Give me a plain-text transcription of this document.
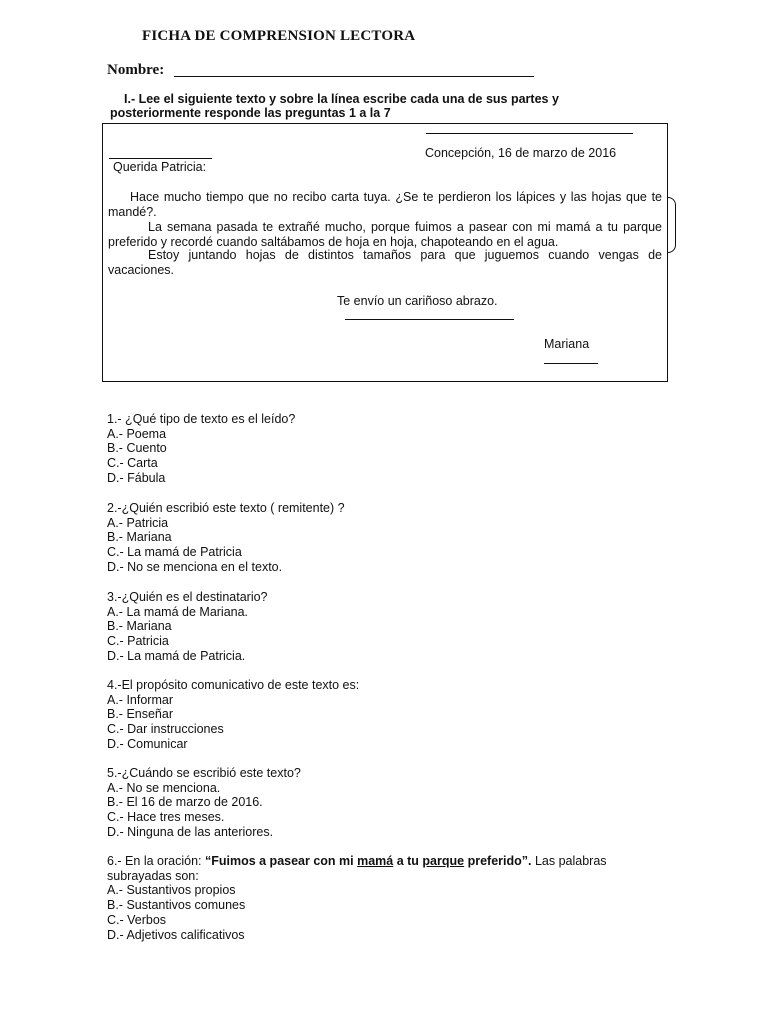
FICHA DE COMPRENSION LECTORA
Nombre:
I.- Lee el siguiente texto y sobre la línea escribe cada una de sus partes y
posteriormente responde las preguntas 1 a la 7
Concepción, 16 de marzo de 2016
Querida Patricia:
Hace mucho tiempo que no recibo carta tuya. ¿Se te perdieron los lápices y las hojas que te mandé?.
La semana pasada te extrañé mucho, porque fuimos a pasear con mi mamá a tu parque preferido y recordé cuando saltábamos de hoja en hoja, chapoteando en el agua.
Estoy juntando hojas de distintos tamaños para que juguemos cuando vengas de vacaciones.
Te envío un cariñoso abrazo.
Mariana
1.- ¿Qué tipo de texto es el leído?
A.- Poema
B.- Cuento
C.- Carta
D.- Fábula
2.-¿Quién escribió este texto ( remitente) ?
A.- Patricia
B.- Mariana
C.- La mamá de Patricia
D.- No se menciona en el texto.
3.-¿Quién es el destinatario?
A.- La mamá de Mariana.
B.- Mariana
C.- Patricia
D.- La mamá de Patricia.
4.-El propósito comunicativo de este texto es:
A.- Informar
B.- Enseñar
C.- Dar instrucciones
D.- Comunicar
5.-¿Cuándo se escribió este texto?
A.- No se menciona.
B.- El 16 de marzo de 2016.
C.- Hace tres meses.
D.- Ninguna de las anteriores.
6.- En la oración: “Fuimos a pasear con mi mamá a tu parque preferido”. Las palabras
subrayadas son:
A.- Sustantivos propios
B.- Sustantivos comunes
C.- Verbos
D.- Adjetivos calificativos
